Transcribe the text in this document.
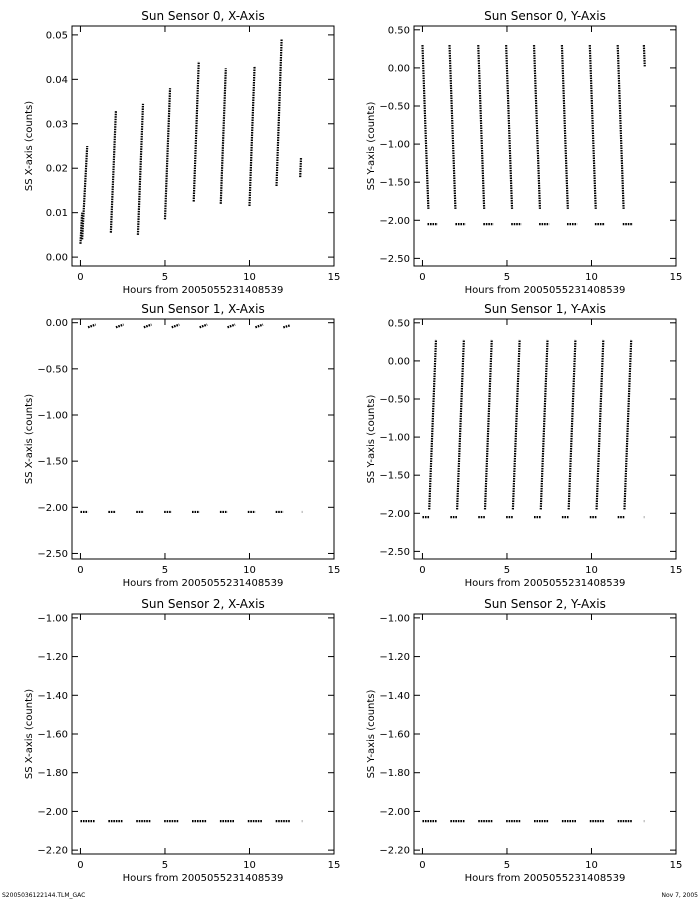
S2005036122144.TLM_GAC	Nov 7, 2005
Sun Sensor 0, X-Axis
0	5	10	15
0.00
0.01
0.02
0.03
0.04
0.05
Hours from 2005055231408539
SS X-axis (counts)
Sun Sensor 0, Y-Axis
0	5	10	15
0.50
0.00
−0.50
−1.00
−1.50
−2.00
−2.50
Hours from 2005055231408539
SS Y-axis (counts)
Sun Sensor 1, X-Axis
0	5	10	15
0.00
−0.50
−1.00
−1.50
−2.00
−2.50
Hours from 2005055231408539
SS X-axis (counts)
Sun Sensor 1, Y-Axis
0	5	10	15
0.50
0.00
−0.50
−1.00
−1.50
−2.00
−2.50
Hours from 2005055231408539
SS Y-axis (counts)
Sun Sensor 2, X-Axis
0	5	10	15
−1.00
−1.20
−1.40
−1.60
−1.80
−2.00
−2.20
Hours from 2005055231408539
SS X-axis (counts)
Sun Sensor 2, Y-Axis
0	5	10	15
−1.00
−1.20
−1.40
−1.60
−1.80
−2.00
−2.20
Hours from 2005055231408539
SS Y-axis (counts)
